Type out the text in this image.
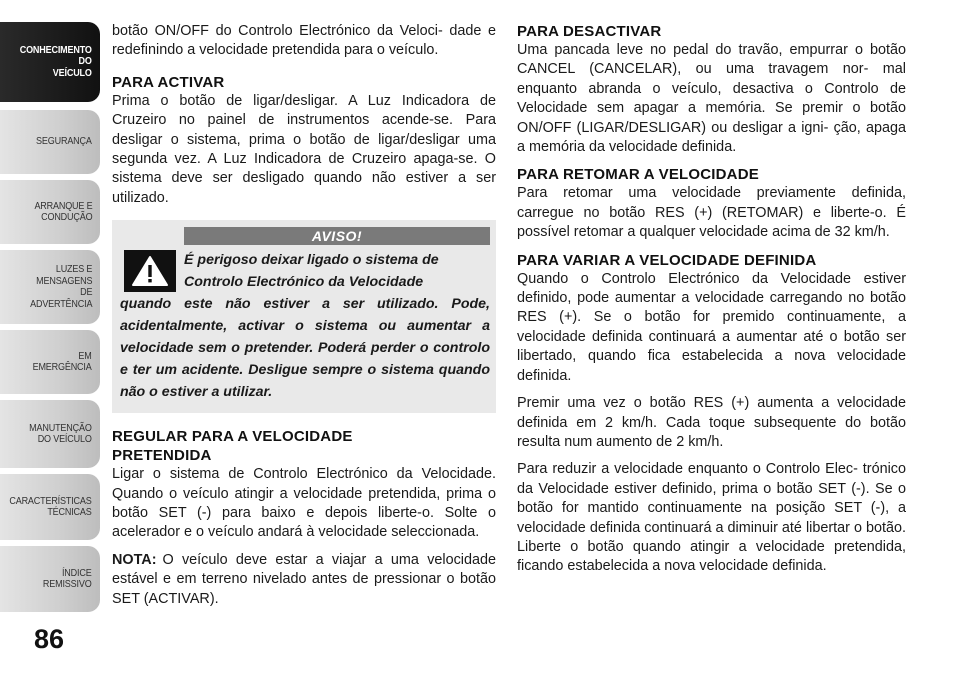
CONHECIMENTO
DO
VEÍCULO
SEGURANÇA
ARRANQUE E
CONDUÇÃO
LUZES E
MENSAGENS
DE
ADVERTÊNCIA
EM
EMERGÊNCIA
MANUTENÇÃO
DO VEÍCULO
CARACTERÍSTICAS
TÉCNICAS
ÍNDICE
REMISSIVO
86

botão ON/OFF do Controlo Electrónico da Veloci- dade e redefinindo a velocidade pretendida para o veículo.

PARA ACTIVAR

Prima o botão de ligar/desligar. A Luz Indicadora de Cruzeiro no painel de instrumentos acende-se. Para desligar o sistema, prima o botão de ligar/desligar uma segunda vez. A Luz Indicadora de Cruzeiro apaga-se. O sistema deve ser desligado quando não estiver a ser utilizado.

AVISO!
É perigoso deixar ligado o sistema de
Controlo Electrónico da Velocidade
quando este não estiver a ser utilizado. Pode, acidentalmente, activar o sistema ou aumentar a velocidade sem o pretender. Poderá perder o controlo e ter um acidente. Desligue sempre o sistema quando não o estiver a utilizar.
REGULAR PARA A VELOCIDADE PRETENDIDA

Ligar o sistema de Controlo Electrónico da Velocidade. Quando o veículo atingir a velocidade pretendida, prima o botão SET (-) para baixo e depois liberte-o. Solte o acelerador e o veículo andará à velocidade seleccionada.

NOTA: O veículo deve estar a viajar a uma velocidade estável e em terreno nivelado antes de pressionar o botão SET (ACTIVAR).

PARA DESACTIVAR

Uma pancada leve no pedal do travão, empurrar o botão CANCEL (CANCELAR), ou uma travagem nor- mal enquanto abranda o veículo, desactiva o Controlo de Velocidade sem apagar a memória. Se premir o botão ON/OFF (LIGAR/DESLIGAR) ou desligar a igni- ção, apaga a memória da velocidade definida.

PARA RETOMAR A VELOCIDADE

Para retomar uma velocidade previamente definida, carregue no botão RES (+) (RETOMAR) e liberte-o. É possível retomar a qualquer velocidade acima de 32 km/h.

PARA VARIAR A VELOCIDADE DEFINIDA

Quando o Controlo Electrónico da Velocidade estiver definido, pode aumentar a velocidade carregando no botão RES (+). Se o botão for premido continuamente, a velocidade definida continuará a aumentar até o botão ser libertado, quando fica estabelecida a nova velocidade definida.

Premir uma vez o botão RES (+) aumenta a velocidade definida em 2 km/h. Cada toque subsequente do botão resulta num aumento de 2 km/h.

Para reduzir a velocidade enquanto o Controlo Elec- trónico da Velocidade estiver definido, prima o botão SET (-). Se o botão for mantido continuamente na posição SET (-), a velocidade definida continuará a diminuir até libertar o botão. Liberte o botão quando atingir a velocidade pretendida, ficando estabelecida a nova velocidade definida.
